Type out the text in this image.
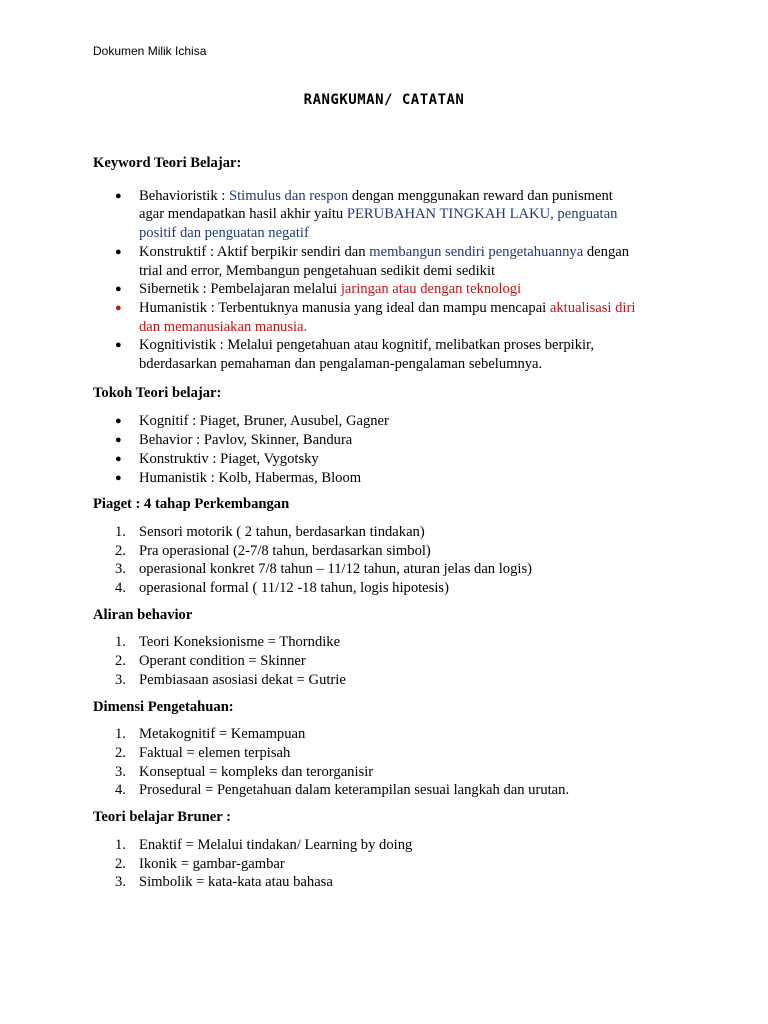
Dokumen Milik Ichisa
RANGKUMAN/ CATATAN

Keyword Teori Belajar:

● Behavioristik : Stimulus dan respon dengan menggunakan reward dan punisment
agar mendapatkan hasil akhir yaitu PERUBAHAN TINGKAH LAKU, penguatan
positif dan penguatan negatif
● Konstruktif : Aktif berpikir sendiri dan membangun sendiri pengetahuannya dengan
trial and error, Membangun pengetahuan sedikit demi sedikit
● Sibernetik : Pembelajaran melalui jaringan atau dengan teknologi
● Humanistik : Terbentuknya manusia yang ideal dan mampu mencapai aktualisasi diri
dan memanusiakan manusia.
● Kognitivistik : Melalui pengetahuan atau kognitif, melibatkan proses berpikir,
bderdasarkan pemahaman dan pengalaman-pengalaman sebelumnya.

Tokoh Teori belajar:

● Kognitif : Piaget, Bruner, Ausubel, Gagner
● Behavior : Pavlov, Skinner, Bandura
● Konstruktiv : Piaget, Vygotsky
● Humanistik : Kolb, Habermas, Bloom

Piaget : 4 tahap Perkembangan

1. Sensori motorik ( 2 tahun, berdasarkan tindakan)
2. Pra operasional (2-7/8 tahun, berdasarkan simbol)
3. operasional konkret 7/8 tahun – 11/12 tahun, aturan jelas dan logis)
4. operasional formal ( 11/12 -18 tahun, logis hipotesis)

Aliran behavior

1. Teori Koneksionisme = Thorndike
2. Operant condition = Skinner
3. Pembiasaan asosiasi dekat = Gutrie

Dimensi Pengetahuan:

1. Metakognitif = Kemampuan
2. Faktual = elemen terpisah
3. Konseptual = kompleks dan terorganisir
4. Prosedural = Pengetahuan dalam keterampilan sesuai langkah dan urutan.

Teori belajar Bruner :

1. Enaktif = Melalui tindakan/ Learning by doing
2. Ikonik = gambar-gambar
3. Simbolik = kata-kata atau bahasa
